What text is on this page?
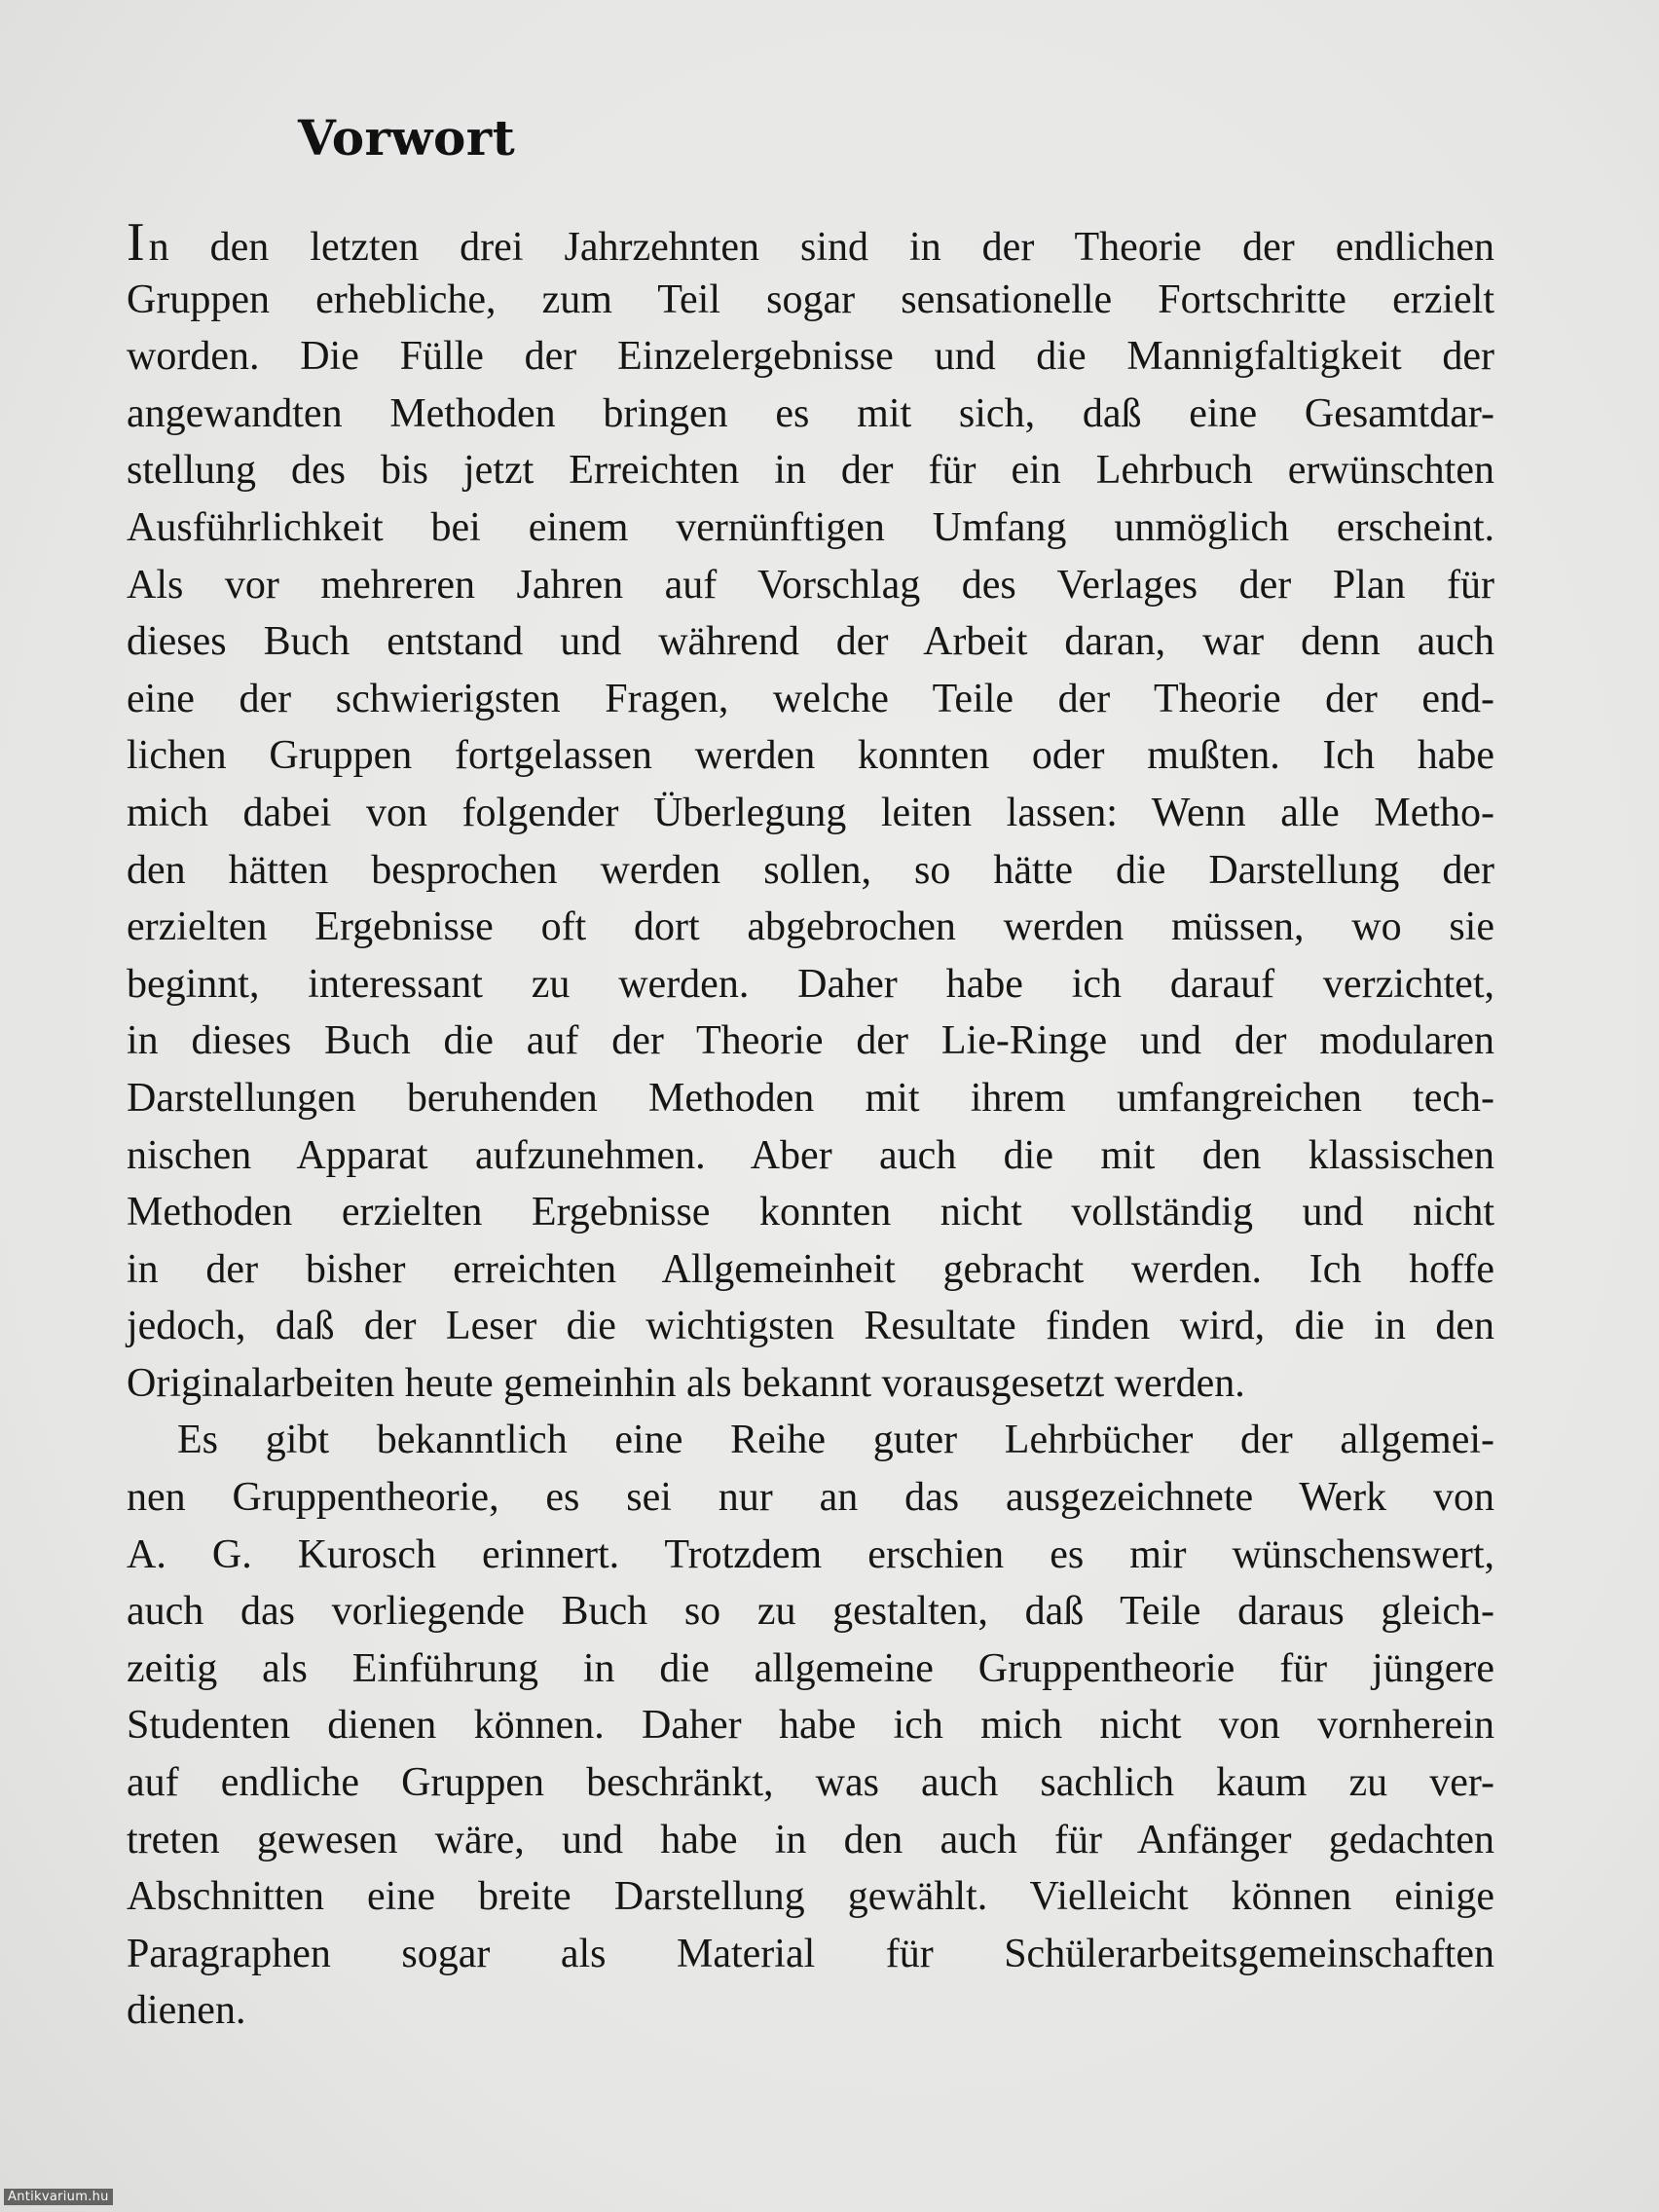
Vorwort
In den letzten drei Jahrzehnten sind in der Theorie der endlichen
Gruppen erhebliche, zum Teil sogar sensationelle Fortschritte erzielt
worden. Die Fülle der Einzelergebnisse und die Mannigfaltigkeit der
angewandten Methoden bringen es mit sich, daß eine Gesamtdar-
stellung des bis jetzt Erreichten in der für ein Lehrbuch erwünschten
Ausführlichkeit bei einem vernünftigen Umfang unmöglich erscheint.
Als vor mehreren Jahren auf Vorschlag des Verlages der Plan für
dieses Buch entstand und während der Arbeit daran, war denn auch
eine der schwierigsten Fragen, welche Teile der Theorie der end-
lichen Gruppen fortgelassen werden konnten oder mußten. Ich habe
mich dabei von folgender Überlegung leiten lassen: Wenn alle Metho-
den hätten besprochen werden sollen, so hätte die Darstellung der
erzielten Ergebnisse oft dort abgebrochen werden müssen, wo sie
beginnt, interessant zu werden. Daher habe ich darauf verzichtet,
in dieses Buch die auf der Theorie der Lie-Ringe und der modularen
Darstellungen beruhenden Methoden mit ihrem umfangreichen tech-
nischen Apparat aufzunehmen. Aber auch die mit den klassischen
Methoden erzielten Ergebnisse konnten nicht vollständig und nicht
in der bisher erreichten Allgemeinheit gebracht werden. Ich hoffe
jedoch, daß der Leser die wichtigsten Resultate finden wird, die in den
Originalarbeiten heute gemeinhin als bekannt vorausgesetzt werden.
Es gibt bekanntlich eine Reihe guter Lehrbücher der allgemei-
nen Gruppentheorie, es sei nur an das ausgezeichnete Werk von
A. G. Kurosch erinnert. Trotzdem erschien es mir wünschenswert,
auch das vorliegende Buch so zu gestalten, daß Teile daraus gleich-
zeitig als Einführung in die allgemeine Gruppentheorie für jüngere
Studenten dienen können. Daher habe ich mich nicht von vornherein
auf endliche Gruppen beschränkt, was auch sachlich kaum zu ver-
treten gewesen wäre, und habe in den auch für Anfänger gedachten
Abschnitten eine breite Darstellung gewählt. Vielleicht können einige
Paragraphen sogar als Material für Schülerarbeitsgemeinschaften
dienen.
Antikvarium.hu
